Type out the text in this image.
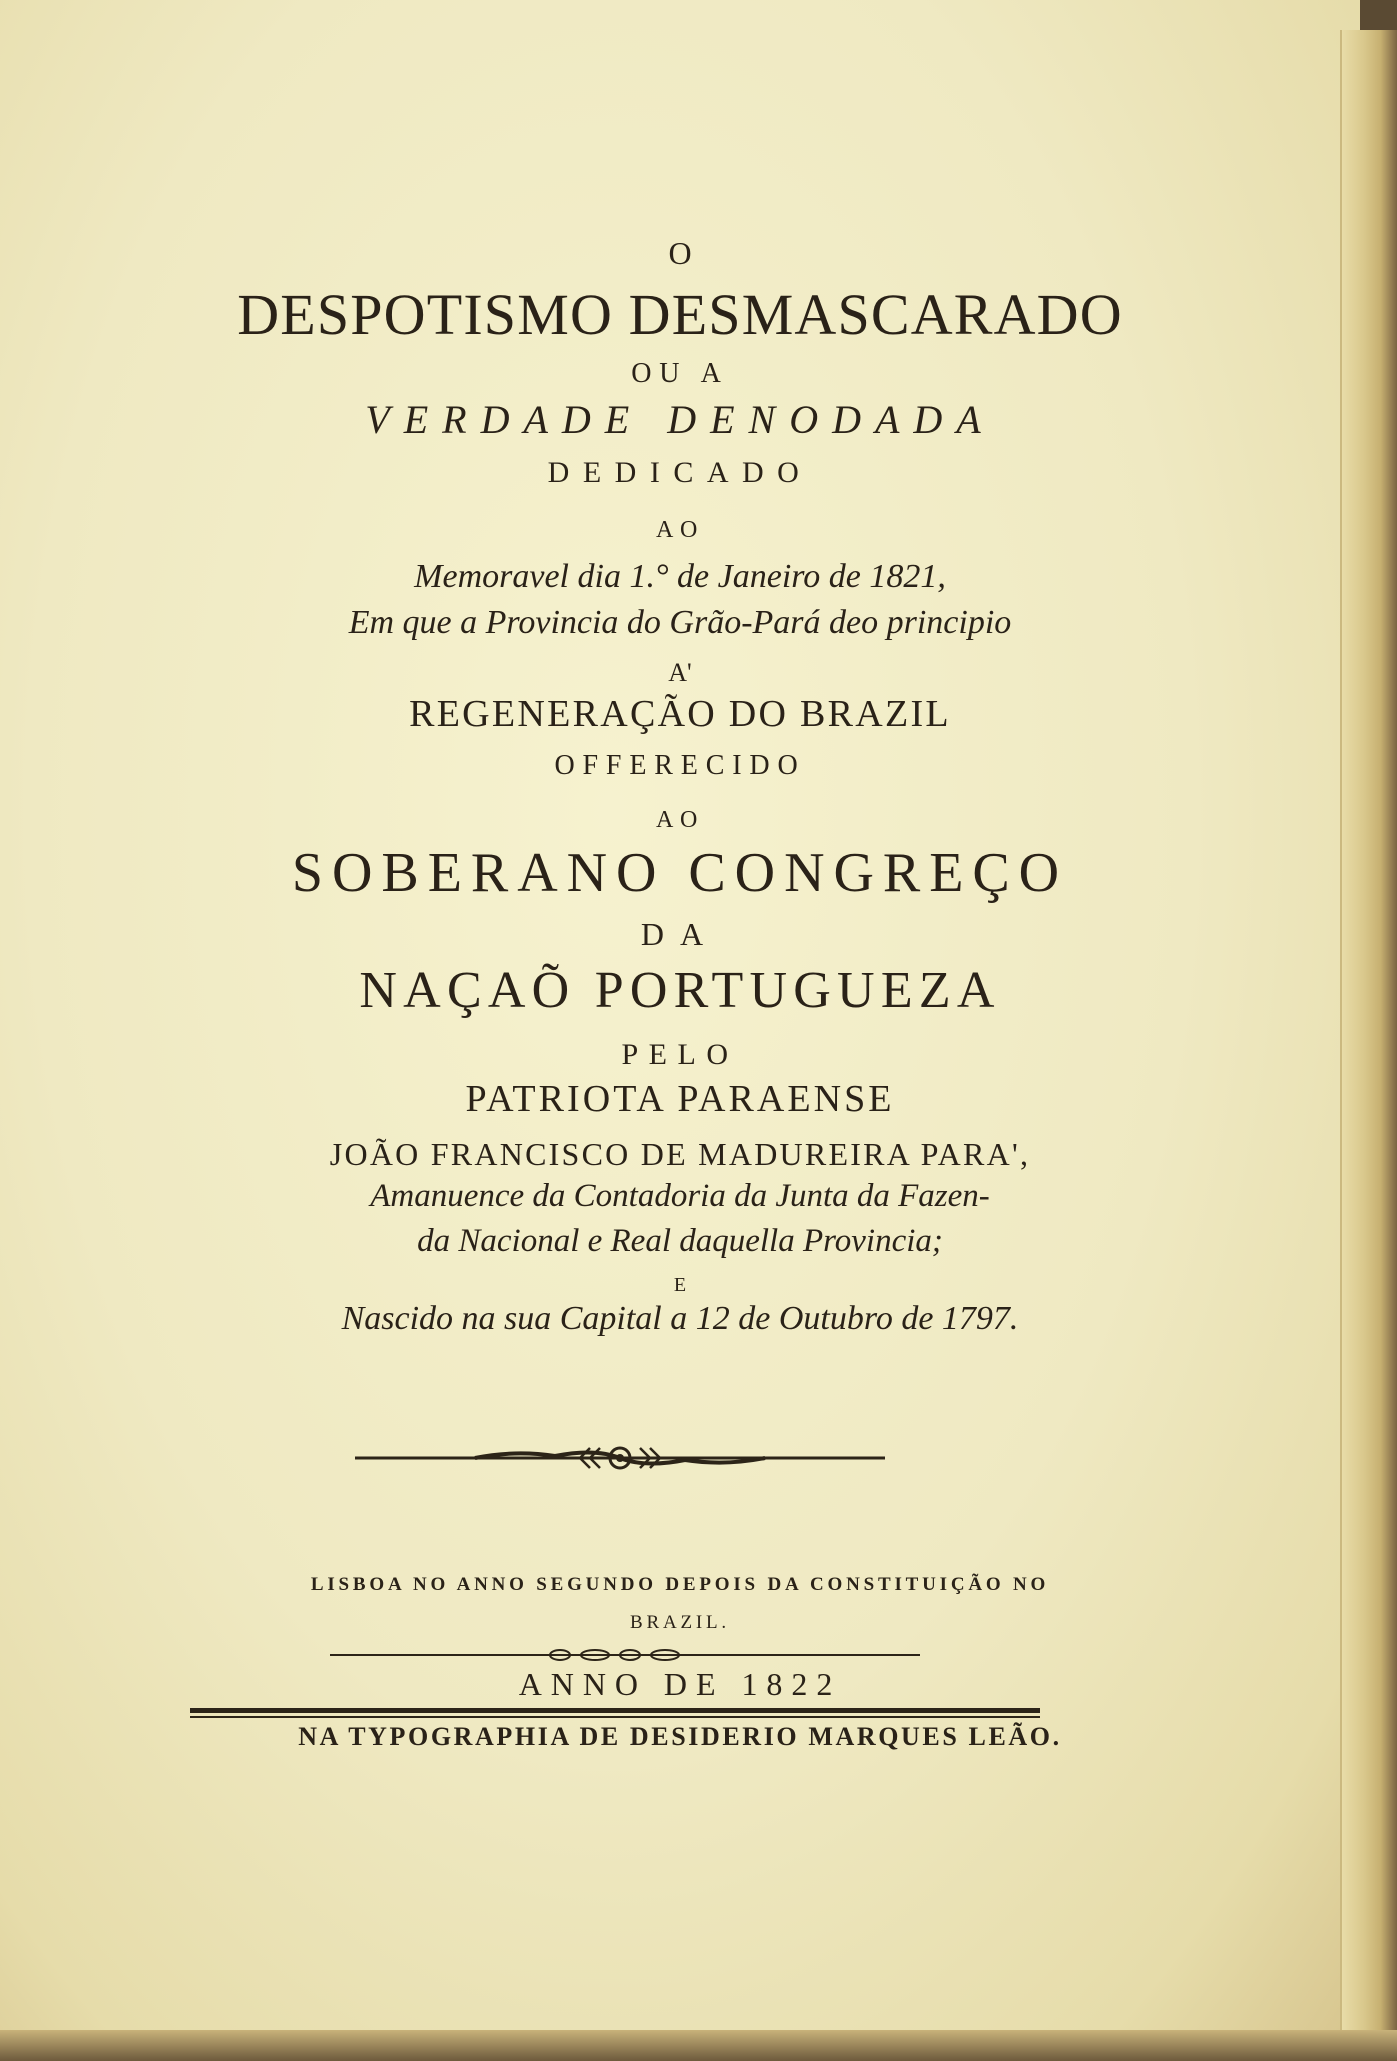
O
DESPOTISMO DESMASCARADO
OU A
VERDADE DENODADA
DEDICADO
AO
Memoravel dia 1.° de Janeiro de 1821,
Em que a Provincia do Grão-Pará deo principio
A'
REGENERAÇÃO DO BRAZIL
OFFERECIDO
AO
SOBERANO CONGREÇO
DA
NAÇAÕ PORTUGUEZA
PELO
PATRIOTA PARAENSE
JOÃO FRANCISCO DE MADUREIRA PARA',
Amanuence da Contadoria da Junta da Fazen-
da Nacional e Real daquella Provincia;
E
Nascido na sua Capital a 12 de Outubro de 1797.
LISBOA NO ANNO SEGUNDO DEPOIS DA CONSTITUIÇÃO NO
BRAZIL.
ANNO DE 1822
NA TYPOGRAPHIA DE DESIDERIO MARQUES LEÃO.
